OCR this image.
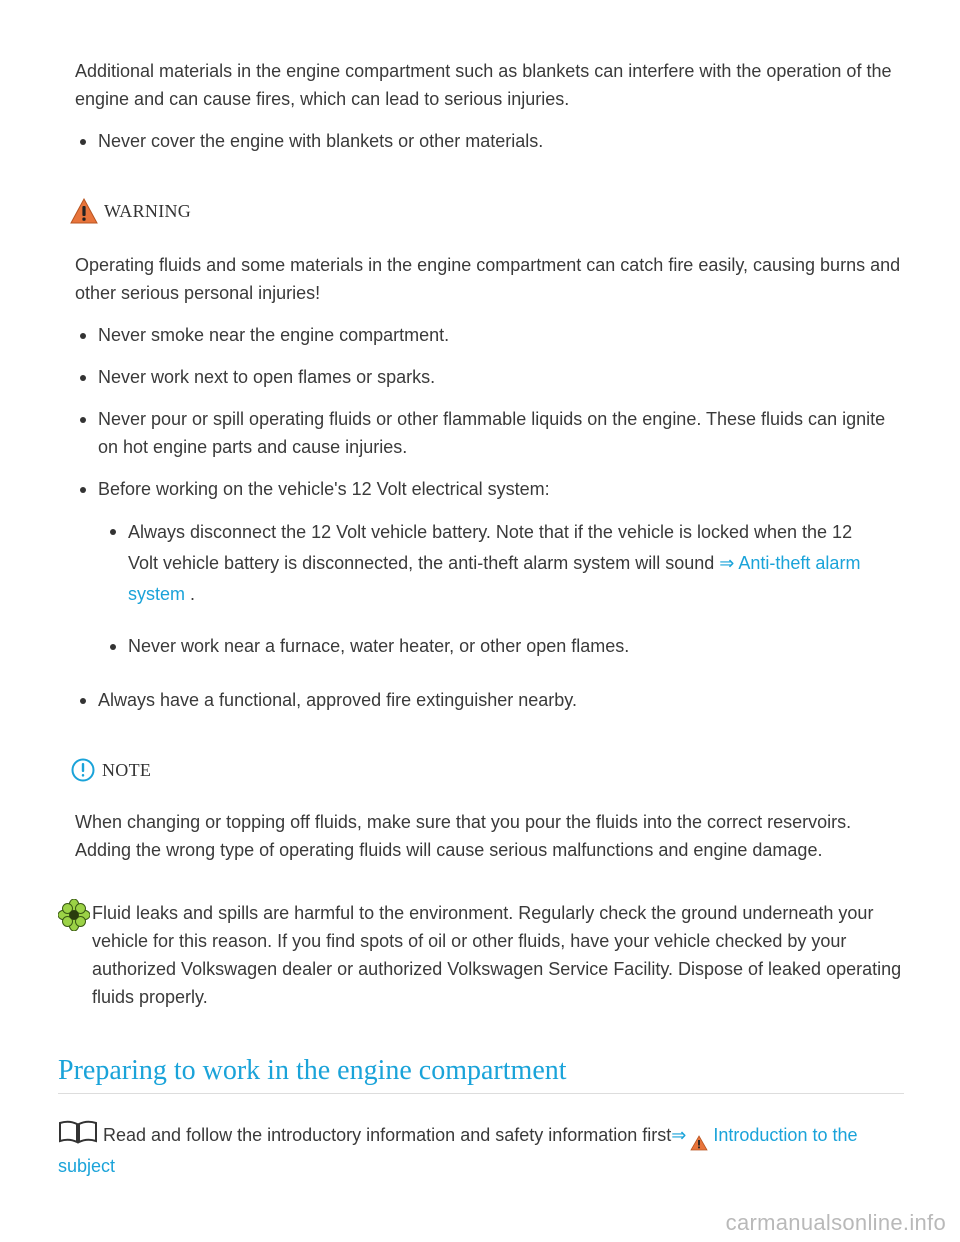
Additional materials in the engine compartment such as blankets can interfere with the operation of the engine and can cause fires, which can lead to serious injuries.

Never cover the engine with blankets or other materials.
WARNING

Operating fluids and some materials in the engine compartment can catch fire easily, causing burns and other serious personal injuries!

Never smoke near the engine compartment.
Never work next to open flames or sparks.
Never pour or spill operating fluids or other flammable liquids on the engine. These fluids can ignite on hot engine parts and cause injuries.
Before working on the vehicle's 12 Volt electrical system:
Always disconnect the 12 Volt vehicle battery. Note that if the vehicle is locked when the 12 Volt vehicle battery is disconnected, the anti-theft alarm system will sound ⇒ Anti-theft alarm system .
Never work near a furnace, water heater, or other open flames.
Always have a functional, approved fire extinguisher nearby.
NOTE

When changing or topping off fluids, make sure that you pour the fluids into the correct reservoirs. Adding the wrong type of operating fluids will cause serious malfunctions and engine damage.

Fluid leaks and spills are harmful to the environment. Regularly check the ground underneath your vehicle for this reason. If you find spots of oil or other fluids, have your vehicle checked by your authorized Volkswagen dealer or authorized Volkswagen Service Facility. Dispose of leaked operating fluids properly.

Preparing to work in the engine compartment
Read and follow the introductory information and safety information first⇒ Introduction to the subject
carmanualsonline.info
